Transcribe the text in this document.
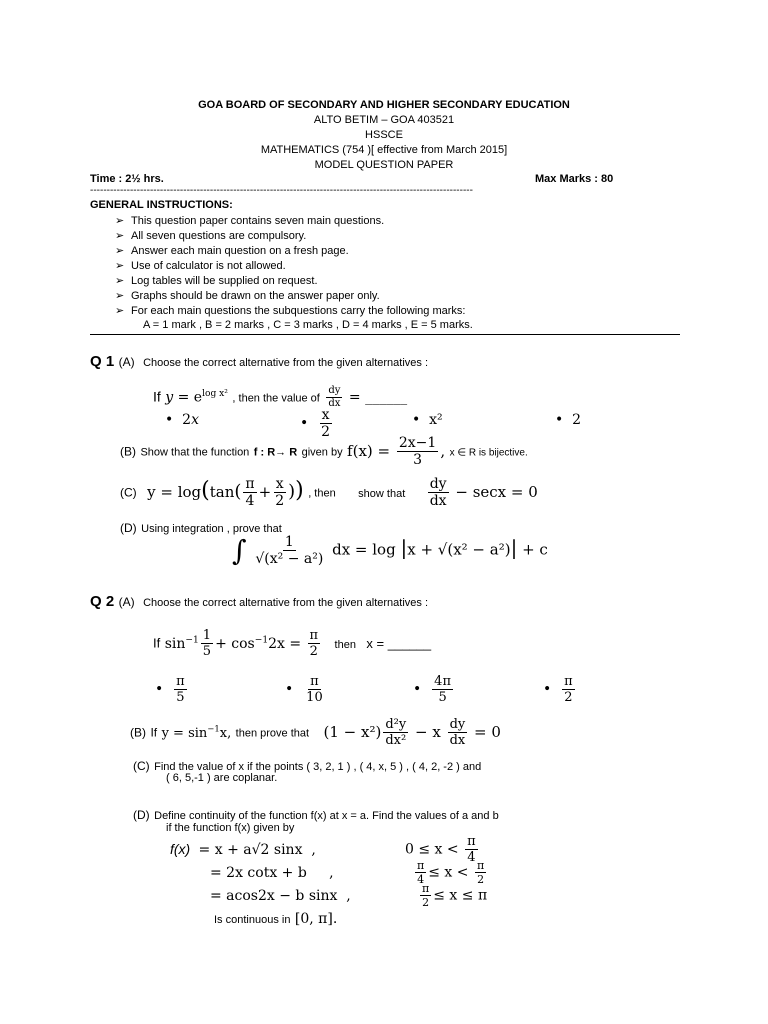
GOA BOARD OF SECONDARY AND HIGHER SECONDARY EDUCATION
ALTO BETIM – GOA 403521
HSSCE
MATHEMATICS (754 )[ effective from March 2015]
MODEL QUESTION PAPER
Time : 2½ hrs.	Max Marks : 80
-------------------------------------------------------------------------------------------------------------------
GENERAL INSTRUCTIONS:
➢ This question paper contains seven main questions.
➢ All seven questions are compulsory.
➢ Answer each main question on a fresh page.
➢ Use of calculator is not allowed.
➢ Log tables will be supplied on request.
➢ Graphs should be drawn on the answer paper only.
➢ For each main questions the subquestions carry the following marks:
A = 1 mark , B = 2 marks , C = 3 marks , D = 4 marks , E = 5 marks.
Q 1 (A) Choose the correct alternative from the given alternatives :
If $y = e^{log x^2}$ , then the value of $\frac{dy}{dx}$ = ______
•  2x	• $\frac{x}{2}$	•  x²	•  2
(B) Show that the function f : R→ R given by $f(x) = \frac{2x-1}{3}$ , x ∈ R is bijective.
(C) $y = \log(\tan( \frac{\pi}{4} + \frac{x}{2}$ )) , then show that $\frac{dy}{dx} - \sec x = 0$
(D) Using integration , prove that
∫ $\frac{1}{\text{√(x² − a²)}}$ dx = log |x + √(x² − a²)| + c
Q 2 (A) Choose the correct alternative from the given alternatives :
If $\sin^{-1} \frac{1}{5} + \cos^{-1}2x = \frac{\pi}{2}$ then x = ______
• $\frac{\pi}{5}$	• $\frac{\pi}{10}$	• $\frac{4\pi}{5}$	• $\frac{\pi}{2}$
(B) If $y = \sin^{-1}x$, then prove that $(1 - x^2) \frac{\text{d²y}}{\text{dx²}} - x \frac{dy}{dx} = 0$
(C) Find the value of x if the points ( 3, 2, 1 ) , ( 4, x, 5 ) , ( 4, 2, -2 ) and
( 6, 5,-1 ) are coplanar.
(D) Define continuity of the function f(x) at x = a. Find the values of a and b
if the function f(x) given by
f(x)  = x + a√2 sinx  ,	$0 \le x < \frac{\pi}{4}$
= 2x cotx + b     ,	$\frac{\pi}{4} \le x < \frac{\pi}{2}$
= acos2x − b sinx  ,	$\frac{\pi}{2} \le x \le \pi$
Is continuous in [0, π].
